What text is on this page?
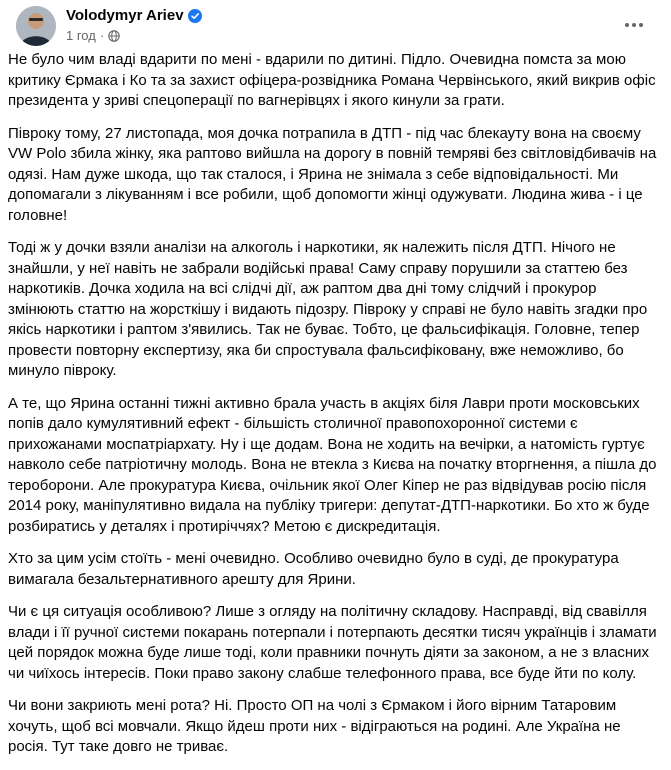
Volodymyr Ariev
1 год ·

Не було чим владі вдарити по мені - вдарили по дитині. Підло. Очевидна помста за мою критику Єрмака і Ко та за захист офіцера-розвідника Романа Червінського, який викрив офіс президента у зриві спецоперації по вагнерівцях і якого кинули за грати.

Півроку тому, 27 листопада, моя дочка потрапила в ДТП - під час блекауту вона на своєму VW Polo збила жінку, яка раптово вийшла на дорогу в повній темряві без світловідбивачів на одязі. Нам дуже шкода, що так сталося, і Ярина не знімала з себе відповідальності. Ми допомагали з лікуванням і все робили, щоб допомогти жінці одужувати. Людина жива - і це головне!

Тоді ж у дочки взяли аналізи на алкоголь і наркотики, як належить після ДТП. Нічого не знайшли, у неї навіть не забрали водійські права! Саму справу порушили за статтею без наркотиків. Дочка ходила на всі слідчі дії, аж раптом два дні тому слідчий і прокурор змінюють статтю на жорсткішу і видають підозру. Півроку у справі не було навіть згадки про якісь наркотики і раптом з'явились. Так не буває. Тобто, це фальсифікація. Головне, тепер провести повторну експертизу, яка би спростувала фальсифіковану, вже неможливо, бо минуло півроку.

А те, що Ярина останні тижні активно брала участь в акціях біля Лаври проти московських попів дало кумулятивний ефект - більшість столичної правопохоронної системи є прихожанами моспатріархату. Ну і ще додам. Вона не ходить на вечірки, а натомість гуртує навколо себе патріотичну молодь. Вона не втекла з Києва на початку вторгнення, а пішла до тероборони. Але прокуратура Києва, очільник якої Олег Кіпер не раз відвідував росію після 2014 року, маніпулятивно видала на публіку тригери: депутат-ДТП-наркотики. Бо хто ж буде розбиратись у деталях і протиріччях? Метою є дискредитація.

Хто за цим усім стоїть - мені очевидно. Особливо очевидно було в суді, де прокуратура вимагала безальтернативного арешту для Ярини.

Чи є ця ситуація особливою? Лише з огляду на політичну складову. Насправді, від свавілля влади і її ручної системи покарань потерпали і потерпають десятки тисяч українців і зламати цей порядок можна буде лише тоді, коли правники почнуть діяти за законом, а не з власних чи чиїхось інтересів. Поки право закону слабше телефонного права, все буде йти по колу.

Чи вони закриють мені рота? Ні. Просто ОП на чолі з Єрмаком і його вірним Татаровим хочуть, щоб всі мовчали. Якщо йдеш проти них - відіграються на родині. Але Україна не росія. Тут таке довго не триває.
